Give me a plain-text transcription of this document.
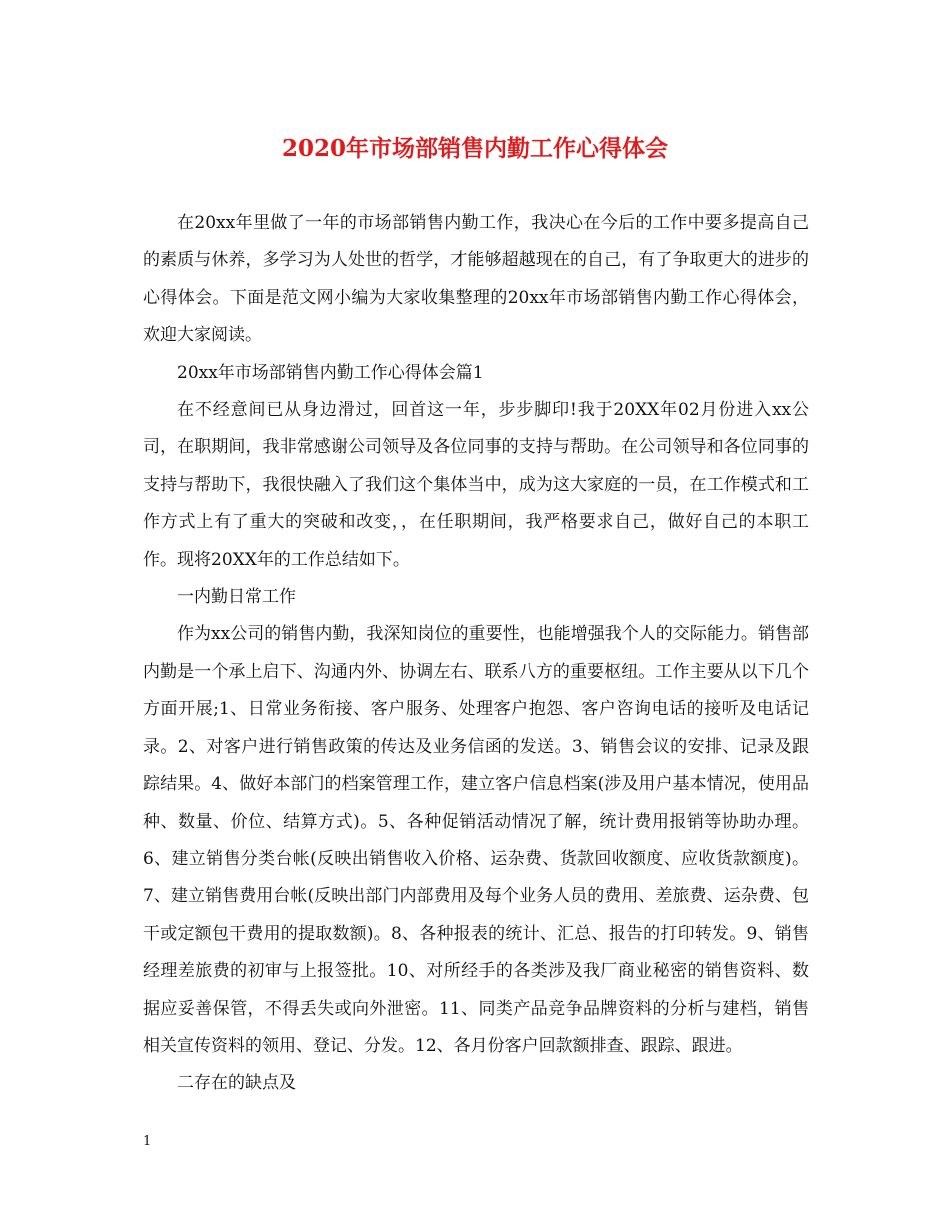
2020年市场部销售内勤工作心得体会

在20xx年里做了一年的市场部销售内勤工作，我决心在今后的工作中要多提高自己的素质与休养，多学习为人处世的哲学，才能够超越现在的自己，有了争取更大的进步的心得体会。下面是范文网小编为大家收集整理的20xx年市场部销售内勤工作心得体会，欢迎大家阅读。

20xx年市场部销售内勤工作心得体会篇1

在不经意间已从身边滑过，回首这一年，步步脚印!我于20XX年02月份进入xx公司，在职期间，我非常感谢公司领导及各位同事的支持与帮助。在公司领导和各位同事的支持与帮助下，我很快融入了我们这个集体当中，成为这大家庭的一员，在工作模式和工作方式上有了重大的突破和改变，，在任职期间，我严格要求自己，做好自己的本职工作。现将20XX年的工作总结如下。

一内勤日常工作

作为xx公司的销售内勤，我深知岗位的重要性，也能增强我个人的交际能力。销售部内勤是一个承上启下、沟通内外、协调左右、联系八方的重要枢纽。工作主要从以下几个方面开展;1、日常业务衔接、客户服务、处理客户抱怨、客户咨询电话的接听及电话记录。2、对客户进行销售政策的传达及业务信函的发送。3、销售会议的安排、记录及跟踪结果。4、做好本部门的档案管理工作，建立客户信息档案(涉及用户基本情况，使用品种、数量、价位、结算方式)。5、各种促销活动情况了解，统计费用报销等协助办理。6、建立销售分类台帐(反映出销售收入价格、运杂费、货款回收额度、应收货款额度)。7、建立销售费用台帐(反映出部门内部费用及每个业务人员的费用、差旅费、运杂费、包干或定额包干费用的提取数额)。8、各种报表的统计、汇总、报告的打印转发。9、销售经理差旅费的初审与上报签批。10、对所经手的各类涉及我厂商业秘密的销售资料、数据应妥善保管，不得丢失或向外泄密。11、同类产品竞争品牌资料的分析与建档，销售相关宣传资料的领用、登记、分发。12、各月份客户回款额排查、跟踪、跟进。

二存在的缺点及

1
